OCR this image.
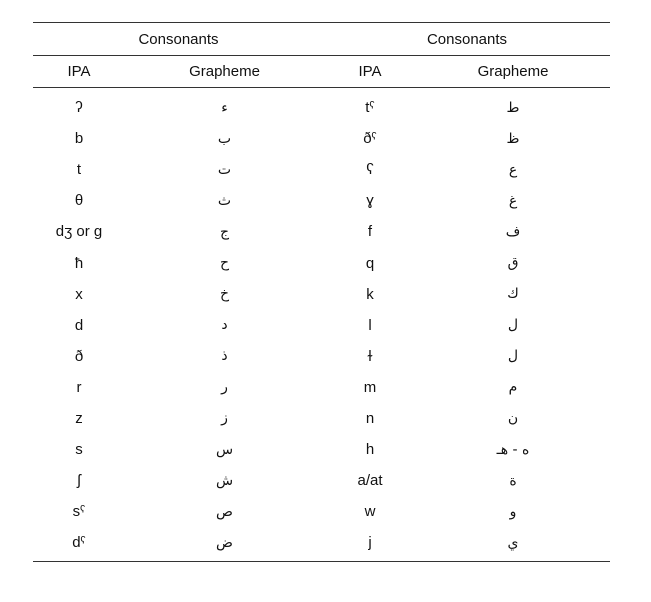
Consonants		Consonants	
IPA	Grapheme	IPA	Grapheme
ʔ	ء	tˤ	ط
b	ب	ðˤ	ظ
t	ت	ʕ	ع
θ	ث	ɣ	غ
dʒ or g	ج	f	ف
ħ	ح	q	ق
x	خ	k	ك
d	د	l	ل
ð	ذ	ɫ	ل
r	ر	m	م
z	ز	n	ن
s	س	h	ه - هـ
ʃ	ش	a/at	ة
sˤ	ص	w	و
dˤ	ض	j	ي
